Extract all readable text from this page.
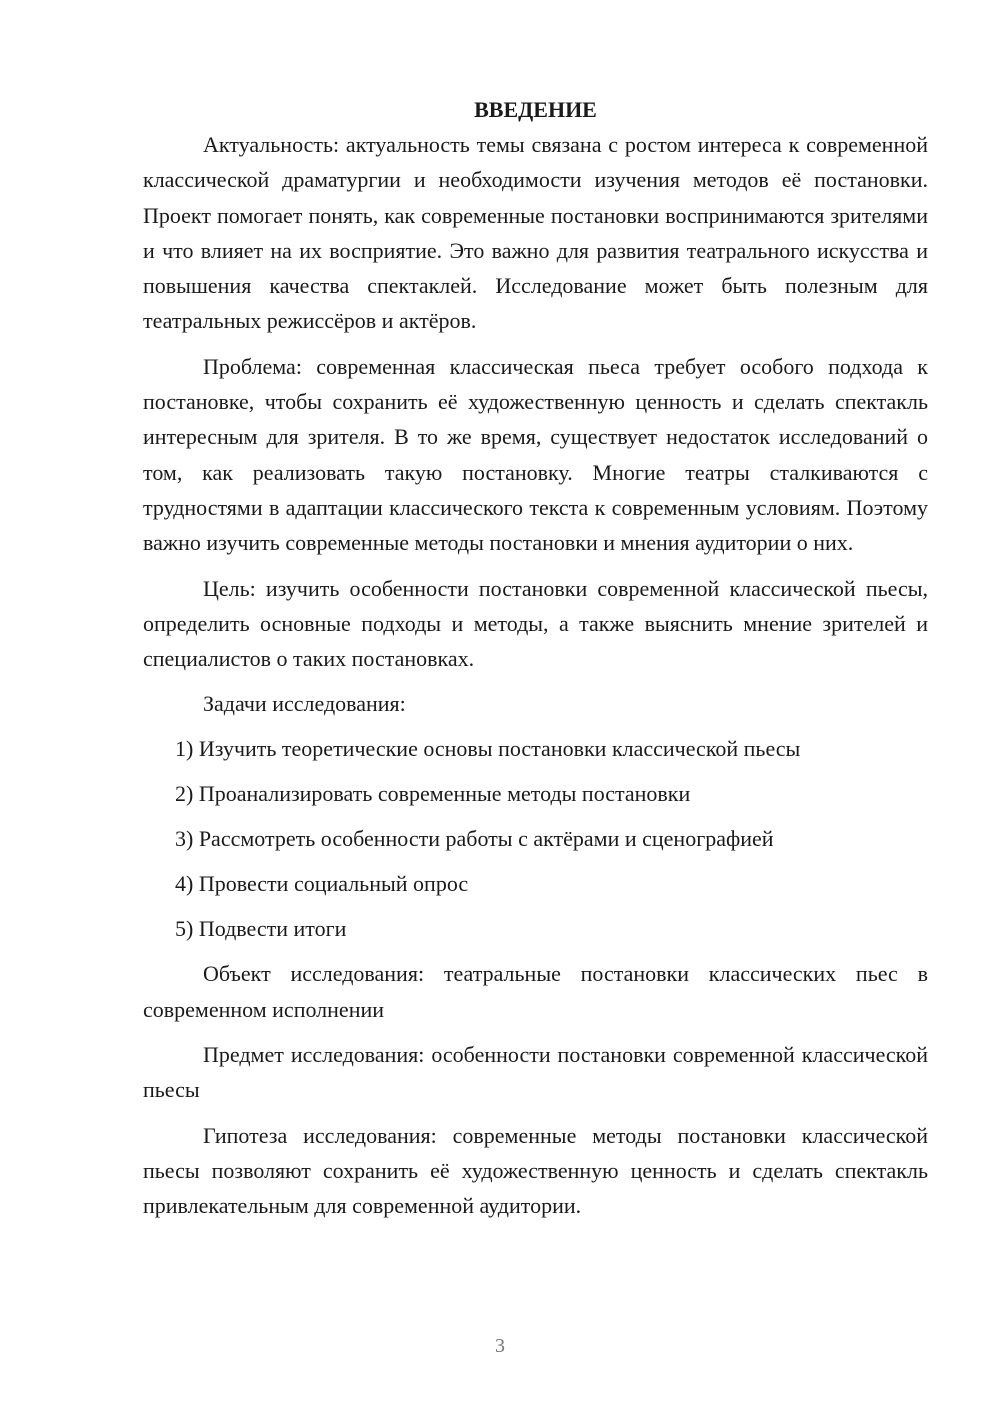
ВВЕДЕНИЕ

Актуальность: актуальность темы связана с ростом интереса к современной классической драматургии и необходимости изучения методов её постановки. Проект помогает понять, как современные постановки воспринимаются зрителями и что влияет на их восприятие. Это важно для развития театрального искусства и повышения качества спектаклей. Исследование может быть полезным для театральных режиссёров и актёров.

Проблема: современная классическая пьеса требует особого подхода к постановке, чтобы сохранить её художественную ценность и сделать спектакль интересным для зрителя. В то же время, существует недостаток исследований о том, как реализовать такую постановку. Многие театры сталкиваются с трудностями в адаптации классического текста к современным условиям. Поэтому важно изучить современные методы постановки и мнения аудитории о них.

Цель: изучить особенности постановки современной классической пьесы, определить основные подходы и методы, а также выяснить мнение зрителей и специалистов о таких постановках.

Задачи исследования:

1) Изучить теоретические основы постановки классической пьесы

2) Проанализировать современные методы постановки

3) Рассмотреть особенности работы с актёрами и сценографией

4) Провести социальный опрос

5) Подвести итоги

Объект исследования: театральные постановки классических пьес в современном исполнении

Предмет исследования: особенности постановки современной классической пьесы

Гипотеза исследования: современные методы постановки классической пьесы позволяют сохранить её художественную ценность и сделать спектакль привлекательным для современной аудитории.

3
